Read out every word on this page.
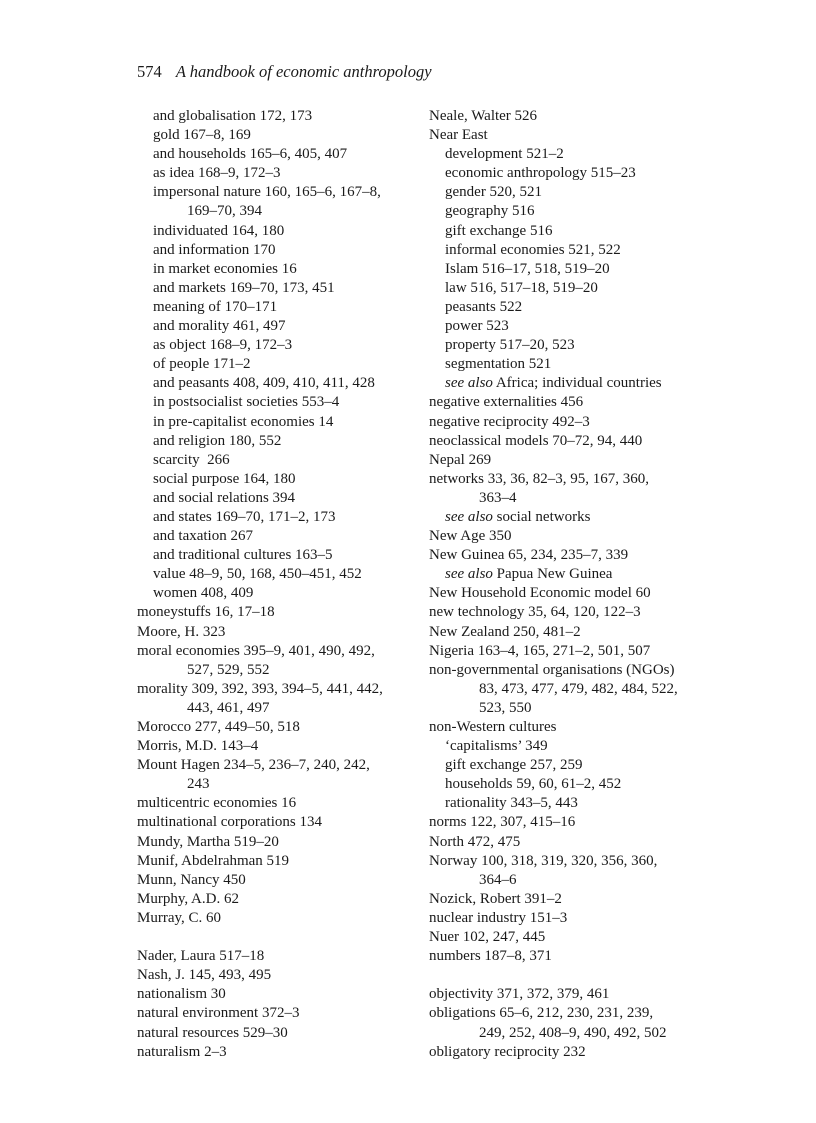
574 A handbook of economic anthropology
and globalisation 172, 173
gold 167–8, 169
and households 165–6, 405, 407
as idea 168–9, 172–3
impersonal nature 160, 165–6, 167–8,
169–70, 394
individuated 164, 180
and information 170
in market economies 16
and markets 169–70, 173, 451
meaning of 170–171
and morality 461, 497
as object 168–9, 172–3
of people 171–2
and peasants 408, 409, 410, 411, 428
in postsocialist societies 553–4
in pre-capitalist economies 14
and religion 180, 552
scarcity  266
social purpose 164, 180
and social relations 394
and states 169–70, 171–2, 173
and taxation 267
and traditional cultures 163–5
value 48–9, 50, 168, 450–451, 452
women 408, 409
moneystuffs 16, 17–18
Moore, H. 323
moral economies 395–9, 401, 490, 492,
527, 529, 552
morality 309, 392, 393, 394–5, 441, 442,
443, 461, 497
Morocco 277, 449–50, 518
Morris, M.D. 143–4
Mount Hagen 234–5, 236–7, 240, 242,
243
multicentric economies 16
multinational corporations 134
Mundy, Martha 519–20
Munif, Abdelrahman 519
Munn, Nancy 450
Murphy, A.D. 62
Murray, C. 60
Nader, Laura 517–18
Nash, J. 145, 493, 495
nationalism 30
natural environment 372–3
natural resources 529–30
naturalism 2–3
Neale, Walter 526
Near East
development 521–2
economic anthropology 515–23
gender 520, 521
geography 516
gift exchange 516
informal economies 521, 522
Islam 516–17, 518, 519–20
law 516, 517–18, 519–20
peasants 522
power 523
property 517–20, 523
segmentation 521
see also Africa; individual countries
negative externalities 456
negative reciprocity 492–3
neoclassical models 70–72, 94, 440
Nepal 269
networks 33, 36, 82–3, 95, 167, 360,
363–4
see also social networks
New Age 350
New Guinea 65, 234, 235–7, 339
see also Papua New Guinea
New Household Economic model 60
new technology 35, 64, 120, 122–3
New Zealand 250, 481–2
Nigeria 163–4, 165, 271–2, 501, 507
non-governmental organisations (NGOs)
83, 473, 477, 479, 482, 484, 522,
523, 550
non-Western cultures
‘capitalisms’ 349
gift exchange 257, 259
households 59, 60, 61–2, 452
rationality 343–5, 443
norms 122, 307, 415–16
North 472, 475
Norway 100, 318, 319, 320, 356, 360,
364–6
Nozick, Robert 391–2
nuclear industry 151–3
Nuer 102, 247, 445
numbers 187–8, 371
objectivity 371, 372, 379, 461
obligations 65–6, 212, 230, 231, 239,
249, 252, 408–9, 490, 492, 502
obligatory reciprocity 232
